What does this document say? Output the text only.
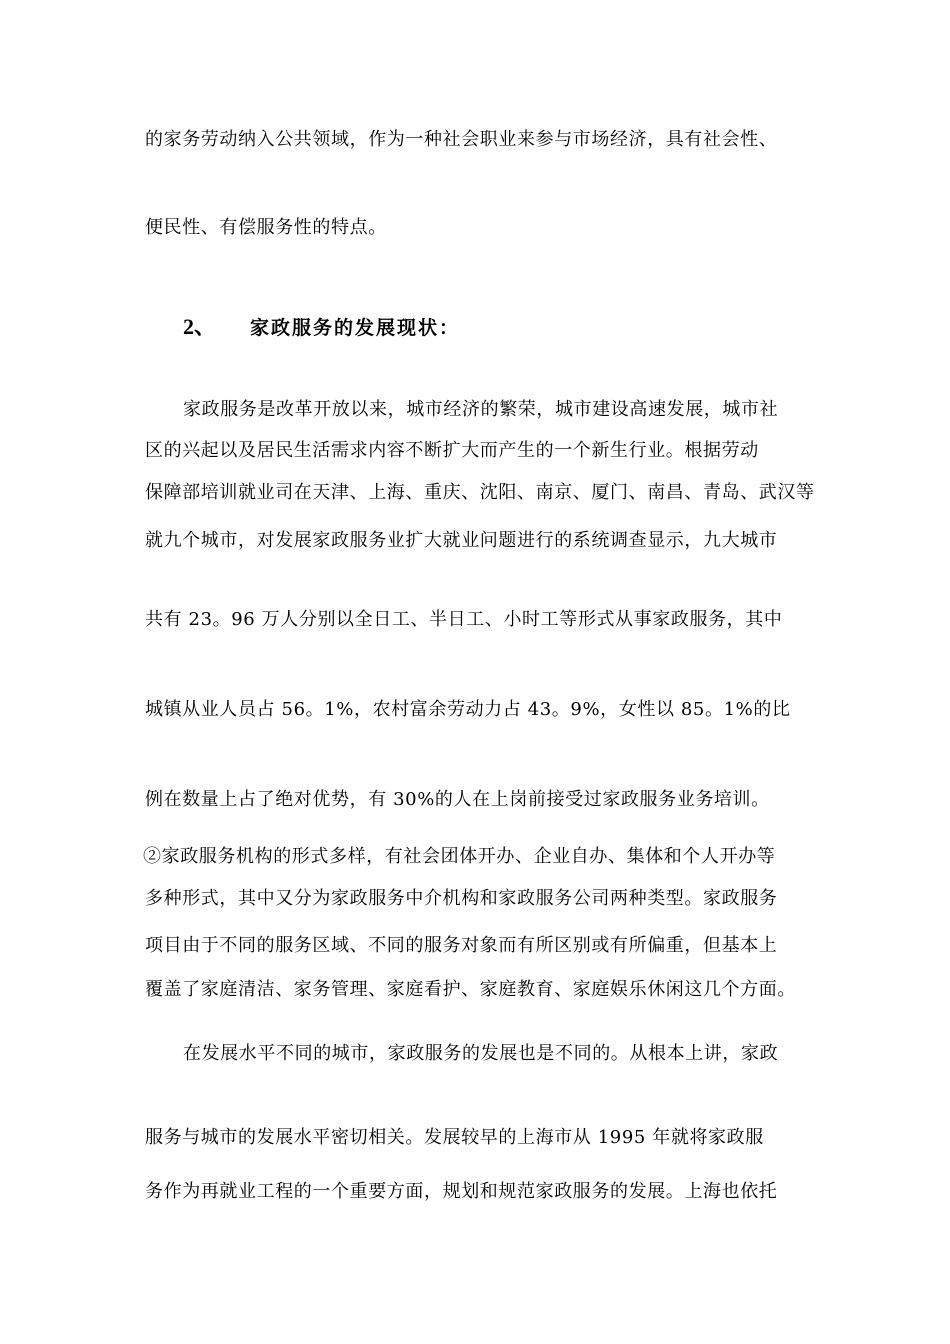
的家务劳动纳入公共领域，作为一种社会职业来参与市场经济，具有社会性、
便民性、有偿服务性的特点。
2、 家政服务的发展现状：
家政服务是改革开放以来，城市经济的繁荣，城市建设高速发展，城市社
区的兴起以及居民生活需求内容不断扩大而产生的一个新生行业。根据劳动
保障部培训就业司在天津、上海、重庆、沈阳、南京、厦门、南昌、青岛、武汉等
就九个城市，对发展家政服务业扩大就业问题进行的系统调查显示，九大城市
共有 23。96 万人分别以全日工、半日工、小时工等形式从事家政服务，其中
城镇从业人员占 56。1%，农村富余劳动力占 43。9%，女性以 85。1%的比
例在数量上占了绝对优势，有 30%的人在上岗前接受过家政服务业务培训。
②家政服务机构的形式多样，有社会团体开办、企业自办、集体和个人开办等
多种形式，其中又分为家政服务中介机构和家政服务公司两种类型。家政服务
项目由于不同的服务区域、不同的服务对象而有所区别或有所偏重，但基本上
覆盖了家庭清洁、家务管理、家庭看护、家庭教育、家庭娱乐休闲这几个方面。
在发展水平不同的城市，家政服务的发展也是不同的。从根本上讲，家政
服务与城市的发展水平密切相关。发展较早的上海市从 1995 年就将家政服
务作为再就业工程的一个重要方面，规划和规范家政服务的发展。上海也依托
